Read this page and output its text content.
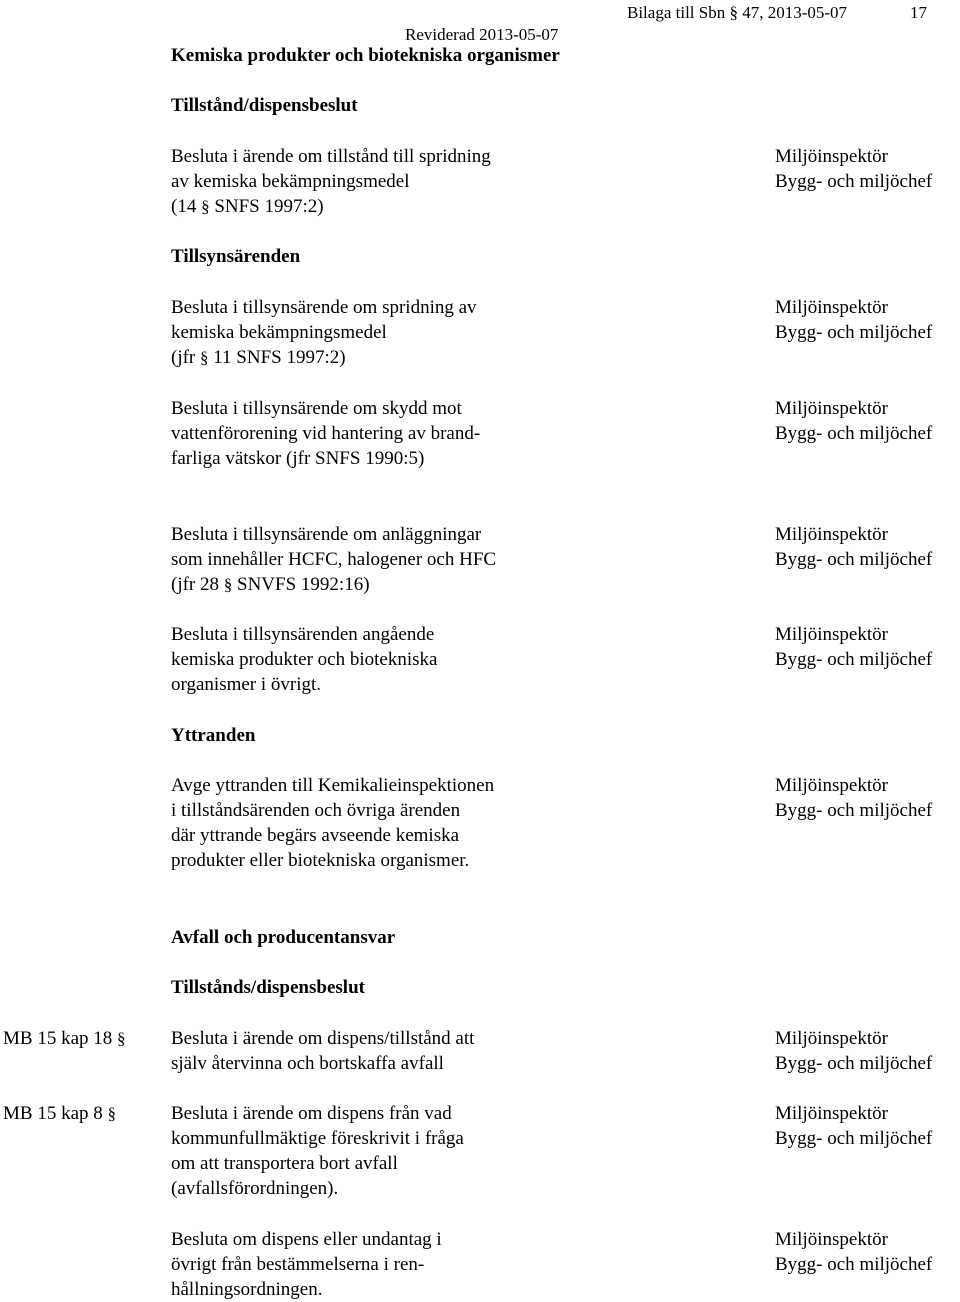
Reviderad 2013-05-07
Bilaga till Sbn § 47, 2013-05-07	17
Kemiska produkter och biotekniska organismer
Tillstånd/dispensbeslut
Besluta i ärende om tillstånd till spridning
av kemiska bekämpningsmedel
(14 § SNFS 1997:2)
Miljöinspektör
Bygg- och miljöchef
Tillsynsärenden
Besluta i tillsynsärende om spridning av
kemiska bekämpningsmedel
(jfr § 11 SNFS 1997:2)
Miljöinspektör
Bygg- och miljöchef
Besluta i tillsynsärende om skydd mot
vattenförorening vid hantering av brand-
farliga vätskor (jfr SNFS 1990:5)
Miljöinspektör
Bygg- och miljöchef
Besluta i tillsynsärende om anläggningar
som innehåller HCFC, halogener och HFC
(jfr 28 § SNVFS 1992:16)
Miljöinspektör
Bygg- och miljöchef
Besluta i tillsynsärenden angående
kemiska produkter och biotekniska
organismer i övrigt.
Miljöinspektör
Bygg- och miljöchef
Yttranden
Avge yttranden till Kemikalieinspektionen
i tillståndsärenden och övriga ärenden
där yttrande begärs avseende kemiska
produkter eller biotekniska organismer.
Miljöinspektör
Bygg- och miljöchef
Avfall och producentansvar
Tillstånds/dispensbeslut
MB 15 kap 18 § Besluta i ärende om dispens/tillstånd att
själv återvinna och bortskaffa avfall
Miljöinspektör
Bygg- och miljöchef
MB 15 kap 8 §	Besluta i ärende om dispens från vad
kommunfullmäktige föreskrivit i fråga
om att transportera bort avfall
(avfallsförordningen).
Miljöinspektör
Bygg- och miljöchef
Besluta om dispens eller undantag i
övrigt från bestämmelserna i ren-
hållningsordningen.
Miljöinspektör
Bygg- och miljöchef
